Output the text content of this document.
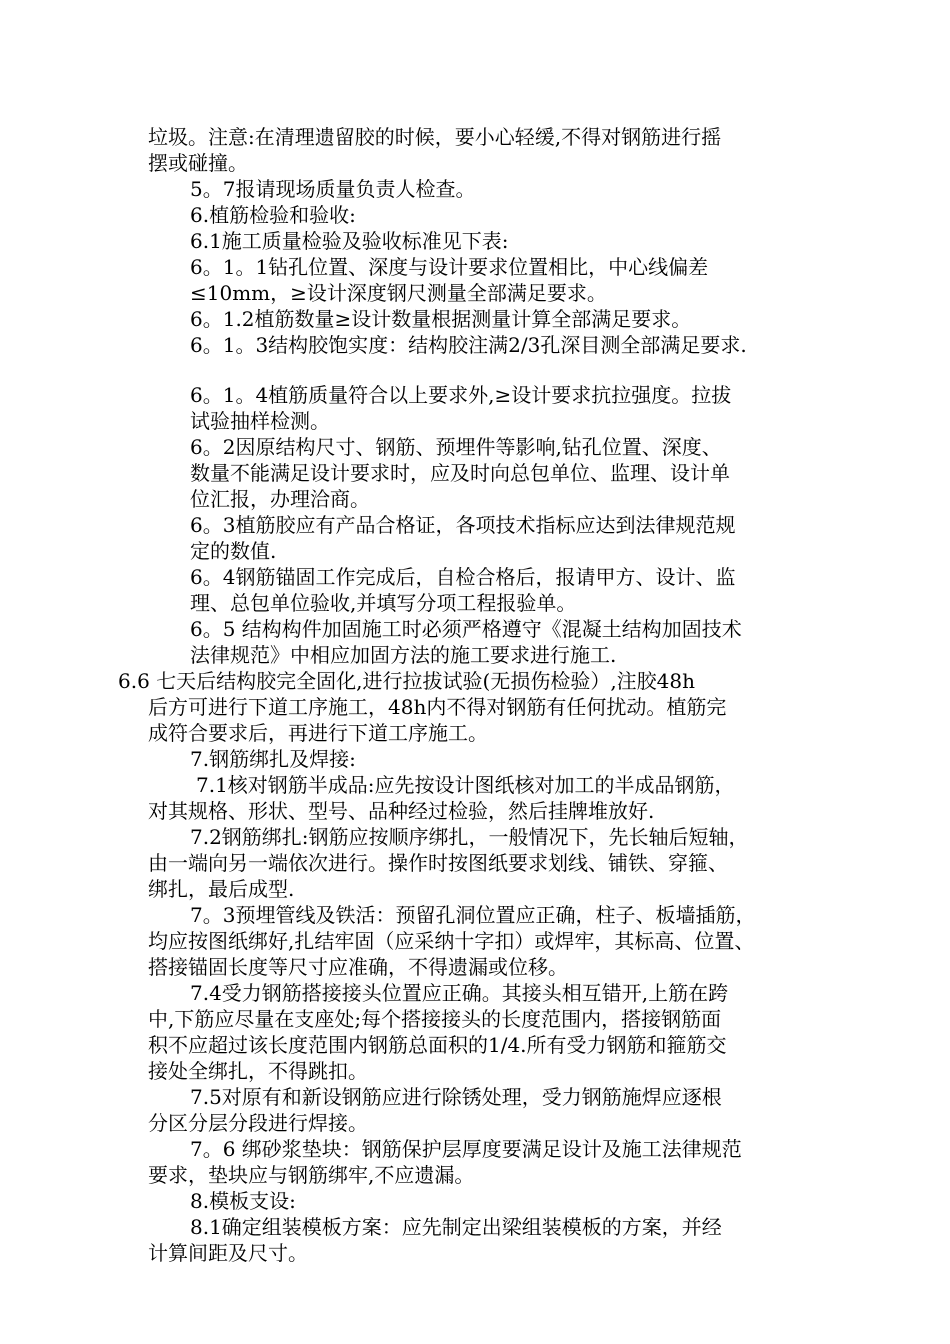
垃圾。注意:在清理遗留胶的时候，要小心轻缓,不得对钢筋进行摇
摆或碰撞。
5。7报请现场质量负责人检查。
6.植筋检验和验收:
6.1施工质量检验及验收标准见下表:
6。1。1钻孔位置、深度与设计要求位置相比，中心线偏差
≤10mm，≥设计深度钢尺测量全部满足要求。
6。1.2植筋数量≥设计数量根据测量计算全部满足要求。
6。1。3结构胶饱实度：结构胶注满2/3孔深目测全部满足要求.
6。1。4植筋质量符合以上要求外,≥设计要求抗拉强度。拉拔
试验抽样检测。
6。2因原结构尺寸、钢筋、预埋件等影响,钻孔位置、深度、
数量不能满足设计要求时，应及时向总包单位、监理、设计单
位汇报，办理洽商。
6。3植筋胶应有产品合格证，各项技术指标应达到法律规范规
定的数值.
6。4钢筋锚固工作完成后，自检合格后，报请甲方、设计、监
理、总包单位验收,并填写分项工程报验单。
6。5 结构构件加固施工时必须严格遵守《混凝土结构加固技术
法律规范》中相应加固方法的施工要求进行施工.
6.6 七天后结构胶完全固化,进行拉拔试验(无损伤检验）,注胶48h
后方可进行下道工序施工，48h内不得对钢筋有任何扰动。植筋完
成符合要求后，再进行下道工序施工。
7.钢筋绑扎及焊接:
7.1核对钢筋半成品:应先按设计图纸核对加工的半成品钢筋，
对其规格、形状、型号、品种经过检验，然后挂牌堆放好.
7.2钢筋绑扎:钢筋应按顺序绑扎，一般情况下，先长轴后短轴，
由一端向另一端依次进行。操作时按图纸要求划线、铺铁、穿箍、
绑扎，最后成型.
7。3预埋管线及铁活：预留孔洞位置应正确，柱子、板墙插筋，
均应按图纸绑好,扎结牢固（应采纳十字扣）或焊牢，其标高、位置、
搭接锚固长度等尺寸应准确，不得遗漏或位移。
7.4受力钢筋搭接接头位置应正确。其接头相互错开,上筋在跨
中,下筋应尽量在支座处;每个搭接接头的长度范围内，搭接钢筋面
积不应超过该长度范围内钢筋总面积的1/4.所有受力钢筋和箍筋交
接处全绑扎，不得跳扣。
7.5对原有和新设钢筋应进行除锈处理，受力钢筋施焊应逐根
分区分层分段进行焊接。
7。6 绑砂浆垫块：钢筋保护层厚度要满足设计及施工法律规范
要求，垫块应与钢筋绑牢,不应遗漏。
8.模板支设:
8.1确定组装模板方案：应先制定出梁组装模板的方案，并经
计算间距及尺寸。
